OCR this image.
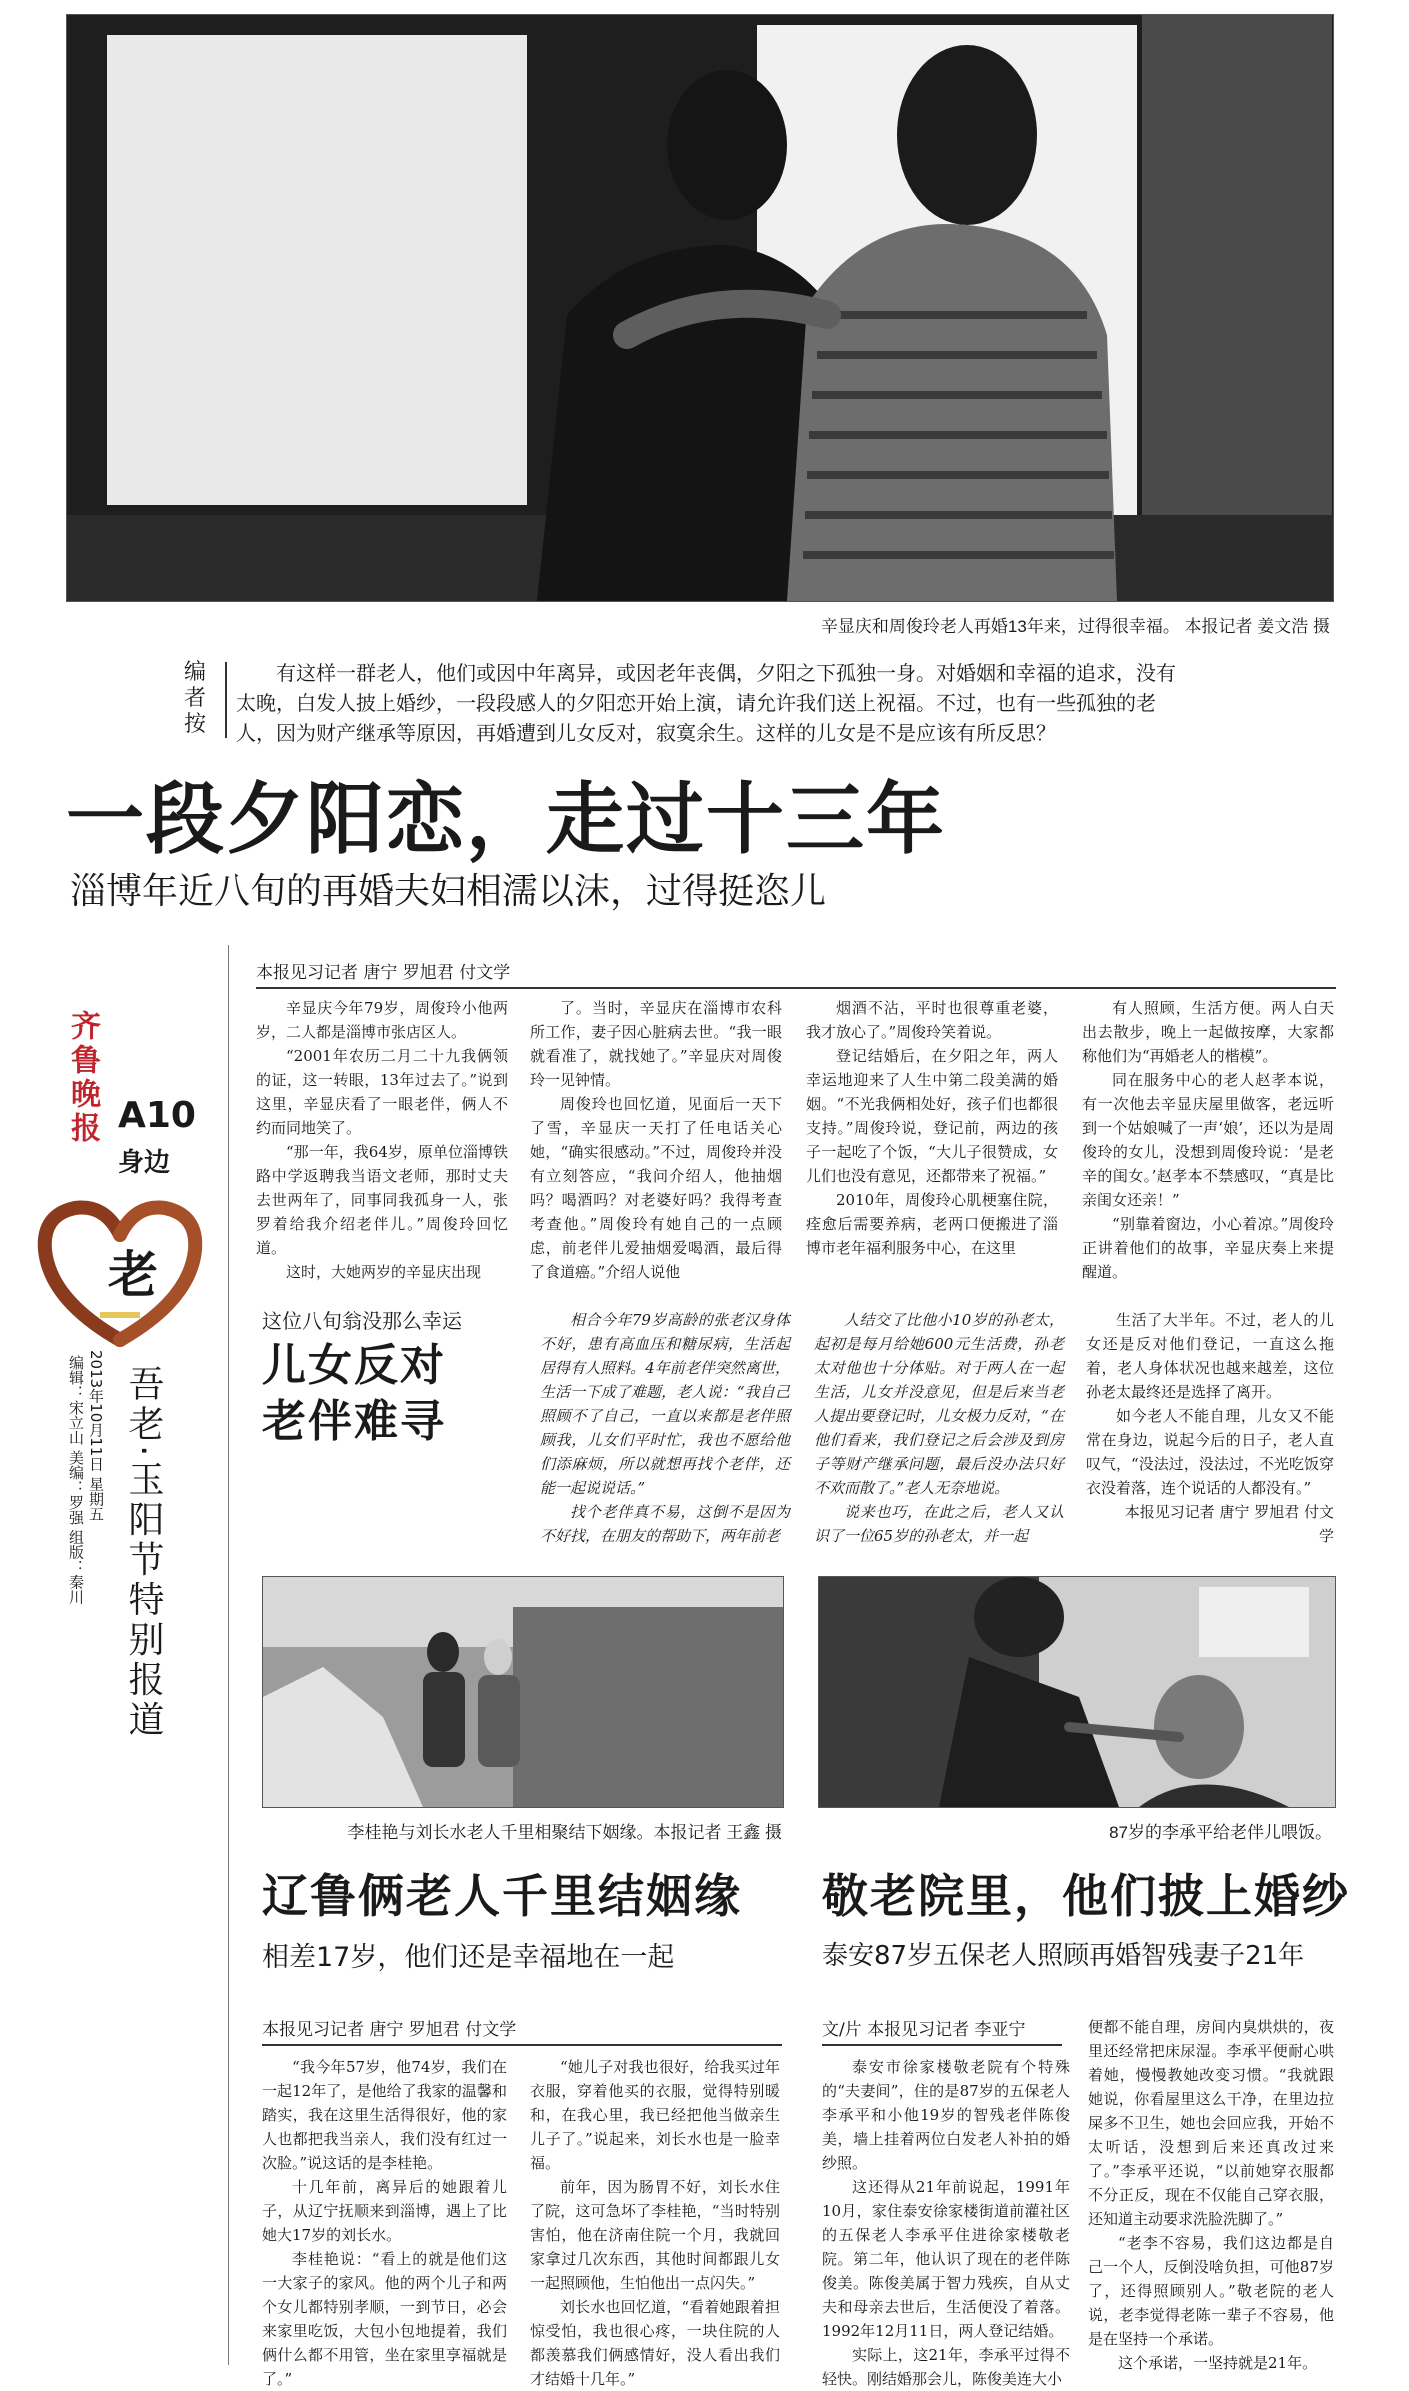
辛显庆和周俊玲老人再婚13年来，过得很幸福。 本报记者 姜文浩 摄
编者按
有这样一群老人，他们或因中年离异，或因老年丧偶，夕阳之下孤独一身。对婚姻和幸福的追求，没有太晚，白发人披上婚纱，一段段感人的夕阳恋开始上演，请允许我们送上祝福。不过，也有一些孤独的老人，因为财产继承等原因，再婚遭到儿女反对，寂寞余生。这样的儿女是不是应该有所反思？
一段夕阳恋，走过十三年
淄博年近八旬的再婚夫妇相濡以沫，过得挺恣儿
齐鲁晚报 A10
身边
老
吾老·玉阳节特别报道
2013年10月11日 星期五
编辑：宋立山 美编：罗强 组版：秦川
本报见习记者 唐宁 罗旭君 付文学

辛显庆今年79岁，周俊玲小他两岁，二人都是淄博市张店区人。

“2001年农历二月二十九我俩领的证，这一转眼，13年过去了。”说到这里，辛显庆看了一眼老伴，俩人不约而同地笑了。

“那一年，我64岁，原单位淄博铁路中学返聘我当语文老师，那时丈夫去世两年了，同事同我孤身一人，张罗着给我介绍老伴儿。”周俊玲回忆道。

这时，大她两岁的辛显庆出现

了。当时，辛显庆在淄博市农科所工作，妻子因心脏病去世。“我一眼就看准了，就找她了。”辛显庆对周俊玲一见钟情。

周俊玲也回忆道，见面后一天下了雪，辛显庆一天打了任电话关心她，“确实很感动。”不过，周俊玲并没有立刻答应，“我问介绍人，他抽烟吗？喝酒吗？对老婆好吗？我得考查考查他。”周俊玲有她自己的一点顾虑，前老伴儿爱抽烟爱喝酒，最后得了食道癌。”介绍人说他

烟酒不沾，平时也很尊重老婆，我才放心了。”周俊玲笑着说。

登记结婚后，在夕阳之年，两人幸运地迎来了人生中第二段美满的婚姻。“不光我俩相处好，孩子们也都很支持。”周俊玲说，登记前，两边的孩子一起吃了个饭，“大儿子很赞成，女儿们也没有意见，还都带来了祝福。”

2010年，周俊玲心肌梗塞住院，痊愈后需要养病，老两口便搬进了淄博市老年福利服务中心，在这里

有人照顾，生活方便。两人白天出去散步，晚上一起做按摩，大家都称他们为“再婚老人的楷模”。

同在服务中心的老人赵孝本说，有一次他去辛显庆屋里做客，老远听到一个姑娘喊了一声‘娘’，还以为是周俊玲的女儿，没想到周俊玲说：‘是老辛的闺女。’赵孝本不禁感叹，“真是比亲闺女还亲！”

“别靠着窗边，小心着凉。”周俊玲正讲着他们的故事，辛显庆奏上来提醒道。

这位八旬翁没那么幸运
儿女反对
老伴难寻

相合今年79岁高龄的张老汉身体不好，患有高血压和糖尿病，生活起居得有人照料。4年前老伴突然离世，生活一下成了难题，老人说：“我自己照顾不了自己，一直以来都是老伴照顾我，儿女们平时忙，我也不愿给他们添麻烦，所以就想再找个老伴，还能一起说说话。”

找个老伴真不易，这倒不是因为不好找，在朋友的帮助下，两年前老

人结交了比他小10岁的孙老太，起初是每月给她600元生活费，孙老太对他也十分体贴。对于两人在一起生活，儿女并没意见，但是后来当老人提出要登记时，儿女极力反对，“在他们看来，我们登记之后会涉及到房子等财产继承问题，最后没办法只好不欢而散了。”老人无奈地说。

说来也巧，在此之后，老人又认识了一位65岁的孙老太，并一起

生活了大半年。不过，老人的儿女还是反对他们登记，一直这么拖着，老人身体状况也越来越差，这位孙老太最终还是选择了离开。

如今老人不能自理，儿女又不能常在身边，说起今后的日子，老人直叹气，“没法过，没法过，不光吃饭穿衣没着落，连个说话的人都没有。”

本报见习记者 唐宁 罗旭君 付文学

李桂艳与刘长水老人千里相聚结下姻缘。本报记者 王鑫 摄	87岁的李承平给老伴儿喂饭。
辽鲁俩老人千里结姻缘
相差17岁，他们还是幸福地在一起
本报见习记者 唐宁 罗旭君 付文学

“我今年57岁，他74岁，我们在一起12年了，是他给了我家的温馨和踏实，我在这里生活得很好，他的家人也都把我当亲人，我们没有红过一次脸。”说这话的是李桂艳。

十几年前，离异后的她跟着儿子，从辽宁抚顺来到淄博，遇上了比她大17岁的刘长水。

李桂艳说：“看上的就是他们这一大家子的家风。他的两个儿子和两个女儿都特别孝顺，一到节日，必会来家里吃饭，大包小包地提着，我们俩什么都不用管，坐在家里享福就是了。”

“她儿子对我也很好，给我买过年衣服，穿着他买的衣服，觉得特别暖和，在我心里，我已经把他当做亲生儿子了。”说起来，刘长水也是一脸幸福。

前年，因为肠胃不好，刘长水住了院，这可急坏了李桂艳，“当时特别害怕，他在济南住院一个月，我就回家拿过几次东西，其他时间都跟儿女一起照顾他，生怕他出一点闪失。”

刘长水也回忆道，“看着她跟着担惊受怕，我也很心疼，一块住院的人都羡慕我们俩感情好，没人看出我们才结婚十几年。”

敬老院里，他们披上婚纱
泰安87岁五保老人照顾再婚智残妻子21年
文/片 本报见习记者 李亚宁

泰安市徐家楼敬老院有个特殊的“夫妻间”，住的是87岁的五保老人李承平和小他19岁的智残老伴陈俊美，墙上挂着两位白发老人补拍的婚纱照。

这还得从21年前说起，1991年10月，家住泰安徐家楼街道前灌社区的五保老人李承平住进徐家楼敬老院。第二年，他认识了现在的老伴陈俊美。陈俊美属于智力残疾，自从丈夫和母亲去世后，生活便没了着落。1992年12月11日，两人登记结婚。

实际上，这21年，李承平过得不轻快。刚结婚那会儿，陈俊美连大小

便都不能自理，房间内臭烘烘的，夜里还经常把床尿湿。李承平便耐心哄着她，慢慢教她改变习惯。“我就跟她说，你看屋里这么干净，在里边拉屎多不卫生，她也会回应我，开始不太听话，没想到后来还真改过来了。”李承平还说，“以前她穿衣服都不分正反，现在不仅能自己穿衣服，还知道主动要求洗脸洗脚了。”

“老李不容易，我们这边都是自己一个人，反倒没啥负担，可他87岁了，还得照顾别人。”敬老院的老人说，老李觉得老陈一辈子不容易，他是在坚持一个承诺。

这个承诺，一坚持就是21年。
